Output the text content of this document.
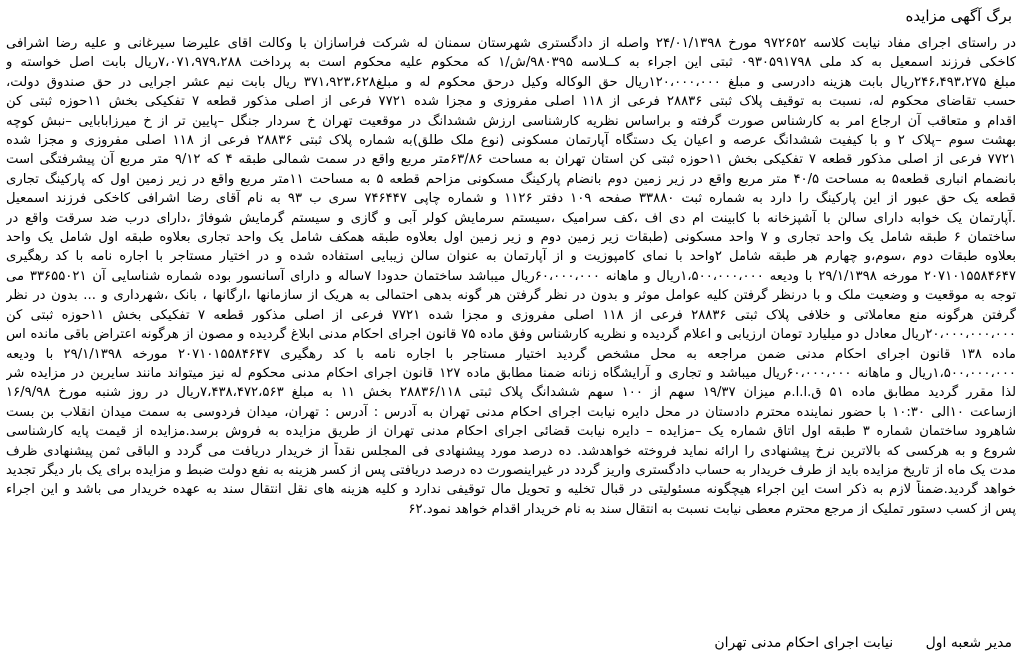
برگ آگهی مزایده
در راستای اجرای مفاد نیابت کلاسه ۹۷۲۶۵۲ مورخ ۲۴/۰۱/۱۳۹۸ واصله از دادگستری شهرستان سمنان له شرکت فراسازان با وکالت اقای علیرضا سیرغانی و علیه رضا اشرافی
کاخکی فرزند اسمعیل به کد ملی ۰۹۳۰۵۹۱۷۹۸ ثبتی این اجراء به کــلاسه ۹۸۰۳۹۵/ش/۱ که محکوم علیه محکوم است به پرداخت ۷،۰۷۱،۹۷۹،۲۸۸ریال بابت اصل خواسته و
مبلغ ۲۴۶،۴۹۳،۲۷۵ریال بابت هزینه دادرسی و مبلغ ۱۲۰،۰۰۰،۰۰۰ریال حق الوکاله وکیل درحق محکوم له و مبلغ۳۷۱،۹۲۳،۶۲۸ ریال بابت نیم عشر اجرایی در حق صندوق دولت،
حسب تقاضای محکوم له، نسبت به توقیف پلاک ثبتی ۲۸۸۳۶ فرعی از ۱۱۸ اصلی مفروزی و مجزا شده ۷۷۲۱ فرعی از اصلی مذکور قطعه ۷ تفکیکی بخش ۱۱حوزه ثبتی کن
اقدام و متعاقب آن ارجاع امر به کارشناس صورت گرفته و براساس نظریه کارشناسی ارزش ششدانگ در موقعیت تهران خ سردار جنگل –پایین تر از خ میرزابابایی –نبش کوچه
بهشت سوم –پلاک ۲ و با کیفیت ششدانگ عرصه و اعیان یک دستگاه آپارتمان مسکونی (نوع ملک طلق)به شماره پلاک ثبتی ۲۸۸۳۶ فرعی از ۱۱۸ اصلی مفروزی و مجزا شده
۷۷۲۱ فرعی از اصلی مذکور قطعه ۷ تفکیکی بخش ۱۱حوزه ثبتی کن استان تهران به مساحت ۶۳/۸۶متر مربع واقع در سمت شمالی طبقه ۴ که ۹/۱۲ متر مربع آن پیشرفتگی است
بانضمام انباری قطعه۵ به مساحت ۴۰/۵ متر مربع واقع در زیر زمین دوم بانضام پارکینگ مسکونی مزاحم قطعه ۵ به مساحت ۱۱متر مربع واقع در زیر زمین اول که پارکینگ تجاری
قطعه یک حق عبور از این پارکینگ را دارد به شماره ثبت ۳۳۸۸۰ صفحه ۱۰۹ دفتر ۱۱۲۶ و شماره چاپی ۷۴۶۴۴۷ سری ب ۹۳ به نام آقای رضا اشرافی کاخکی فرزند اسمعیل
.آپارتمان یک خوابه دارای سالن با آشپزخانه با کابینت ام دی اف ،کف سرامیک ،سیستم سرمایش کولر آبی و گازی و سیستم گرمایش شوفاژ ،دارای درب ضد سرقت واقع در
ساختمان ۶ طبقه شامل یک واحد تجاری و ۷ واحد مسکونی (طبقات زیر زمین دوم و زیر زمین اول بعلاوه طبقه همکف شامل یک واحد تجاری بعلاوه طبقه اول شامل یک واحد
بعلاوه طبقات دوم ،سوم،و چهارم هر طبقه شامل ۲واحد با نمای کامپوزیت و از آپارتمان به عنوان سالن زیبایی استفاده شده و در اختیار مستاجر با اجاره نامه با کد رهگیری
۲۰۷۱۰۱۵۵۸۴۶۴۷ مورخه ۲۹/۱/۱۳۹۸ با ودیعه ۱،۵۰۰،۰۰۰،۰۰۰ریال و ماهانه ۶۰،۰۰۰،۰۰۰ریال میباشد ساختمان حدودا ۷ساله و دارای آسانسور بوده شماره شناسایی آن ۳۳۶۵۵۰۲۱ می
توجه به موقعیت و وضعیت ملک و با درنظر گرفتن کلیه عوامل موثر و بدون در نظر گرفتن هر گونه بدهی احتمالی به هریک از سازمانها ،ارگانها ، بانک ،شهرداری و ... بدون در نظر
گرفتن هرگونه منع معاملاتی و خلافی پلاک ثبتی ۲۸۸۳۶ فرعی از ۱۱۸ اصلی مفروزی و مجزا شده ۷۷۲۱ فرعی از اصلی مذکور قطعه ۷ تفکیکی بخش ۱۱حوزه ثبتی کن
۲۰،۰۰۰،۰۰۰،۰۰۰ریال معادل دو میلیارد تومان ارزیابی و اعلام گردیده و نظریه کارشناس وفق ماده ۷۵ قانون اجرای احکام مدنی ابلاغ گردیده و مصون از هرگونه اعتراض باقی مانده اس
ماده ۱۳۸ قانون اجرای احکام مدنی ضمن مراجعه به محل مشخص گردید اختیار مستاجر با اجاره نامه با کد رهگیری ۲۰۷۱۰۱۵۵۸۴۶۴۷ مورخه ۲۹/۱/۱۳۹۸ با ودیعه
۱،۵۰۰،۰۰۰،۰۰۰ریال و ماهانه ۶۰،۰۰۰،۰۰۰ریال میباشد و تجاری و آرایشگاه زنانه ضمنا مطابق ماده ۱۲۷ قانون اجرای احکام مدنی محکوم له نیز میتواند مانند سایرین در مزایده شر
لذا مقرر گردید مطابق ماده ۵۱ ق.ا.ا.م میزان ۱۹/۳۷ سهم از ۱۰۰ سهم ششدانگ پلاک ثبتی ۲۸۸۳۶/۱۱۸ بخش ۱۱ به مبلغ ۷،۴۳۸،۴۷۲،۵۶۳ریال در روز شنبه مورخ ۱۶/۹/۹۸
ازساعت ۱۰الی ۱۰:۳۰ با حضور نماینده محترم دادستان در محل دایره نیابت اجرای احکام مدنی تهران به آدرس : آدرس : تهران، میدان فردوسی به سمت میدان انقلاب بن بست
شاهرود ساختمان شماره ۳ طبقه اول اتاق شماره یک –مزایده – دایره نیابت قضائی اجرای احکام مدنی تهران از طریق مزایده به فروش برسد.مزایده از قیمت پایه کارشناسی
شروع و به هرکسی که بالاترین نرخ پیشنهادی را ارائه نماید فروخته خواهدشد. ده درصد مورد پیشنهادی فی المجلس نقداً از خریدار دریافت می گردد و الباقی ثمن پیشنهادی ظرف
مدت یک ماه از تاریخ مزایده باید از طرف خریدار به حساب دادگستری واریز گردد در غیراینصورت ده درصد دریافتی پس از کسر هزینه به نفع دولت ضبط و مزایده برای یک بار دیگر تجدید
خواهد گردید.ضمناً لازم به ذکر است این اجراء هیچگونه مسئولیتی در قبال تخلیه و تحویل مال توقیفی ندارد و کلیه هزینه های نقل انتقال سند به عهده خریدار می باشد و این اجراء
پس از کسب دستور تملیک از مرجع محترم معطی نیابت نسبت به انتقال سند به نام خریدار اقدام خواهد نمود.۶۲
مدیر شعبه اول نیابت اجرای احکام مدنی تهران
